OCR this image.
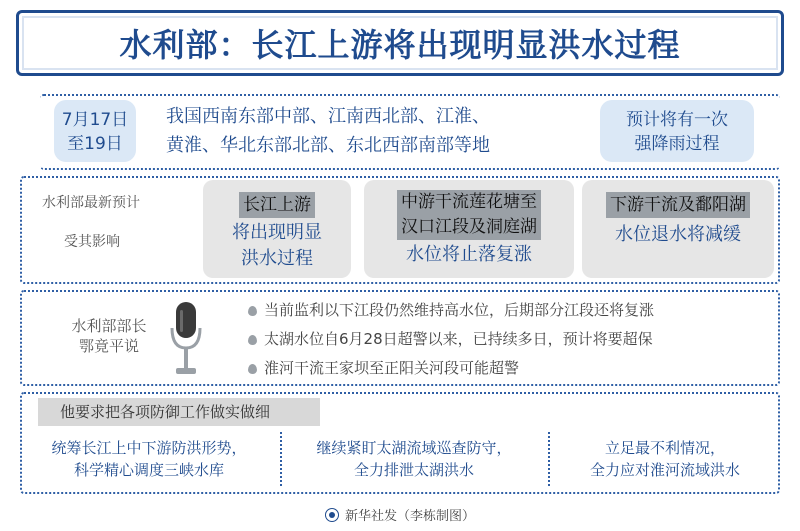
水利部：长江上游将出现明显洪水过程
7月17日
至19日
我国西南东部中部、江南西北部、江淮、
黄淮、华北东部北部、东北西部南部等地
预计将有一次
强降雨过程
水利部最新预计
受其影响
长江上游
将出现明显
洪水过程
中游干流莲花塘至
汉口江段及洞庭湖
水位将止落复涨
下游干流及鄱阳湖
水位退水将减缓
水利部部长
鄂竟平说
当前监利以下江段仍然维持高水位，后期部分江段还将复涨
太湖水位自6月28日超警以来，已持续多日，预计将要超保
淮河干流王家坝至正阳关河段可能超警
他要求把各项防御工作做实做细
统筹长江上中下游防洪形势，
科学精心调度三峡水库
继续紧盯太湖流域巡查防守，
全力排泄太湖洪水
立足最不利情况，
全力应对淮河流域洪水
新华社发（李栋制图）
